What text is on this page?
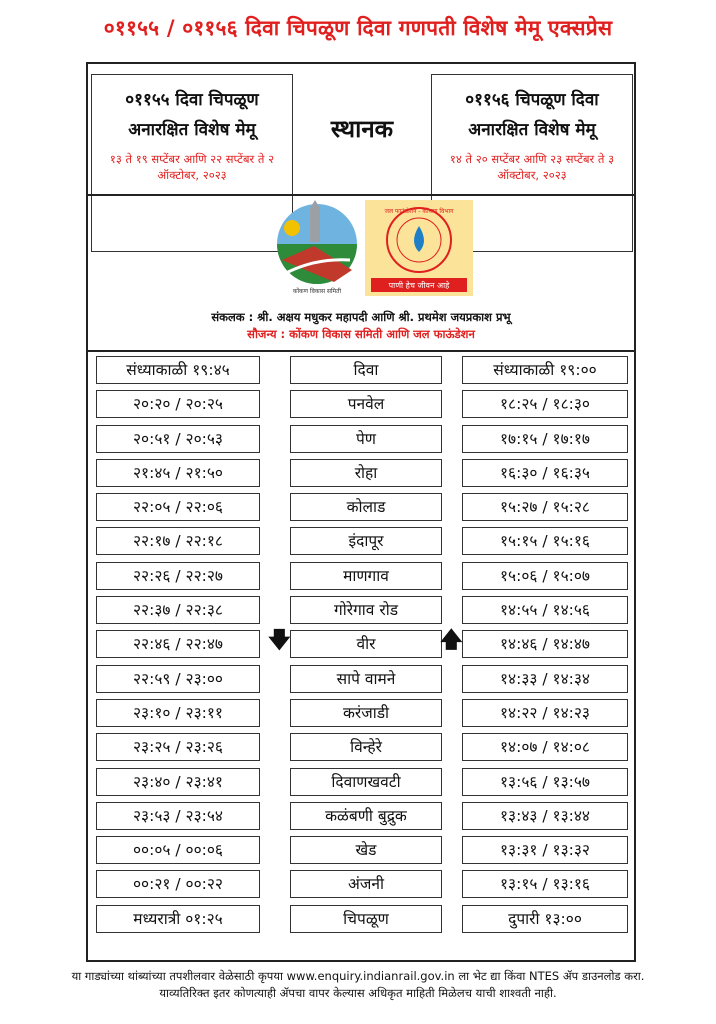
०११५५ / ०११५६ दिवा चिपळूण दिवा गणपती विशेष मेमू एक्सप्रेस
०११५५ दिवा चिपळूण
अनारक्षित विशेष मेमू
१३ ते १९ सप्टेंबर आणि २२ सप्टेंबर ते २ ऑक्टोबर, २०२३
स्थानक
०११५६ चिपळूण दिवा
अनारक्षित विशेष मेमू
१४ ते २० सप्टेंबर आणि २३ सप्टेंबर ते ३ ऑक्टोबर, २०२३
कोंकण विकास समिती
जल फाऊंडेशन - कोंकण विभाग
पाणी हेच जीवन आहे
संकलक : श्री. अक्षय मधुकर महापदी आणि श्री. प्रथमेश जयप्रकाश प्रभू
सौजन्य : कोंकण विकास समिती आणि जल फाऊंडेशन
संध्याकाळी १९:४५	दिवा	संध्याकाळी १९:००
२०:२० / २०:२५	पनवेल	१८:२५ / १८:३०
२०:५१ / २०:५३	पेण	१७:१५ / १७:१७
२१:४५ / २१:५०	रोहा	१६:३० / १६:३५
२२:०५ / २२:०६	कोलाड	१५:२७ / १५:२८
२२:१७ / २२:१८	इंदापूर	१५:१५ / १५:१६
२२:२६ / २२:२७	माणगाव	१५:०६ / १५:०७
२२:३७ / २२:३८	गोरेगाव रोड	१४:५५ / १४:५६
२२:४६ / २२:४७	वीर	१४:४६ / १४:४७
🡇	🡅
२२:५९ / २३:००	सापे वामने	१४:३३ / १४:३४
२३:१० / २३:११	करंजाडी	१४:२२ / १४:२३
२३:२५ / २३:२६	विन्हेरे	१४:०७ / १४:०८
२३:४० / २३:४१	दिवाणखवटी	१३:५६ / १३:५७
२३:५३ / २३:५४	कळंबणी बुद्रुक	१३:४३ / १३:४४
००:०५ / ००:०६	खेड	१३:३१ / १३:३२
००:२१ / ००:२२	अंजनी	१३:१५ / १३:१६
मध्यरात्री ०१:२५	चिपळूण	दुपारी १३:००
या गाड्यांच्या थांब्यांच्या तपशीलवार वेळेसाठी कृपया www.enquiry.indianrail.gov.in ला भेट द्या किंवा NTES ॲप डाउनलोड करा.
याव्यतिरिक्त इतर कोणत्याही ॲपचा वापर केल्यास अधिकृत माहिती मिळेलच याची शाश्वती नाही.
